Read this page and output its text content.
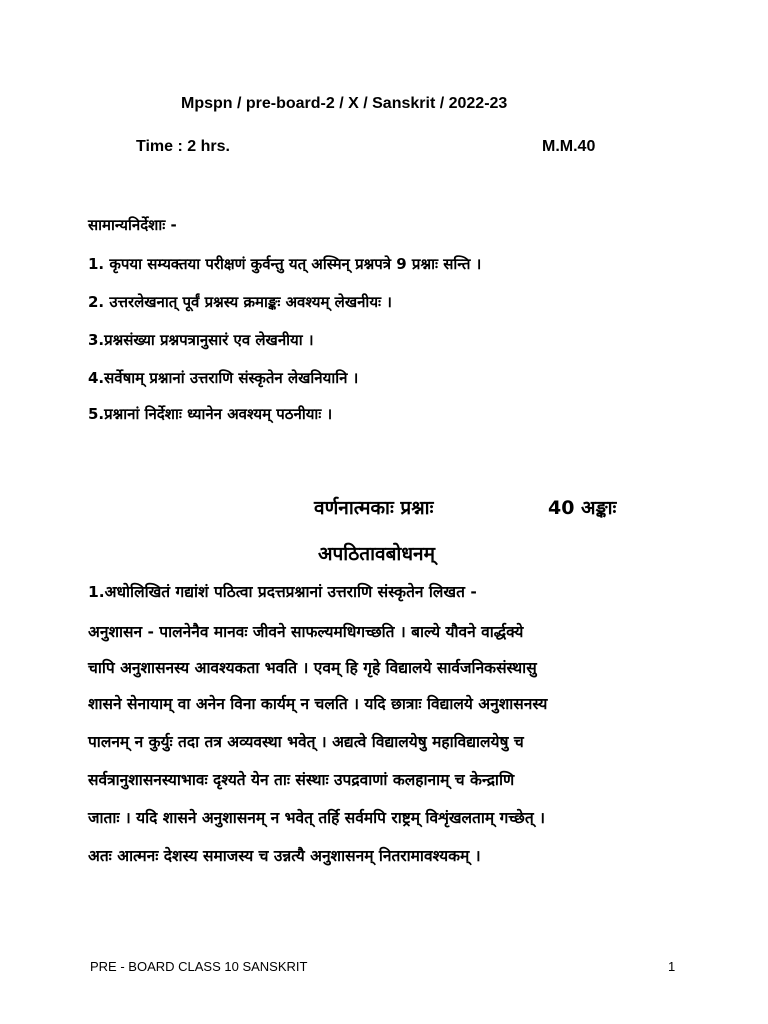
Mpspn / pre-board-2 / X / Sanskrit / 2022-23
Time : 2 hrs.	M.M.40
सामान्यनिर्देशाः -
1. कृपया सम्यक्तया परीक्षणं कुर्वन्तु यत् अस्मिन् प्रश्नपत्रे 9 प्रश्नाः सन्ति ।
2. उत्तरलेखनात् पूर्वं प्रश्नस्य क्रमाङ्कः अवश्यम् लेखनीयः ।
3.प्रश्नसंख्या प्रश्नपत्रानुसारं एव लेखनीया ।
4.सर्वेषाम् प्रश्नानां उत्तराणि संस्कृतेन लेखनियानि ।
5.प्रश्नानां निर्देशाः ध्यानेन अवश्यम् पठनीयाः ।
वर्णनात्मकाः प्रश्नाः	40 अङ्काः
अपठितावबोधनम्
1.अधोलिखितं गद्यांशं पठित्वा प्रदत्तप्रश्नानां उत्तराणि संस्कृतेन लिखत -
अनुशासन - पालनेनैव मानवः जीवने साफल्यमधिगच्छति । बाल्ये यौवने वार्द्धक्ये
चापि अनुशासनस्य आवश्यकता भवति । एवम् हि गृहे विद्यालये सार्वजनिकसंस्थासु
शासने सेनायाम् वा अनेन विना कार्यम् न चलति । यदि छात्राः विद्यालये अनुशासनस्य
पालनम् न कुर्युः तदा तत्र अव्यवस्था भवेत् । अद्यत्वे विद्यालयेषु महाविद्यालयेषु च
सर्वत्रानुशासनस्याभावः दृश्यते येन ताः संस्थाः उपद्रवाणां कलहानाम् च केन्द्राणि
जाताः । यदि शासने अनुशासनम् न भवेत् तर्हि सर्वमपि राष्ट्रम् विशृंखलताम् गच्छेत् ।
अतः आत्मनः देशस्य समाजस्य च उन्नत्यै अनुशासनम् नितरामावश्यकम् ।
PRE - BOARD CLASS 10 SANSKRIT	1
